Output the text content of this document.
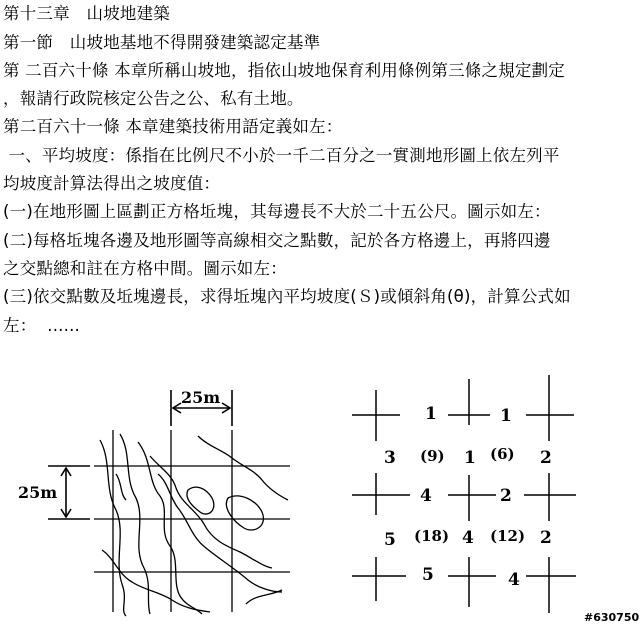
第十三章　山坡地建築
第一節　山坡地基地不得開發建築認定基準
第 二百六十條 本章所稱山坡地，指依山坡地保育利用條例第三條之規定劃定
，報請行政院核定公告之公、私有土地。
第二百六十一條 本章建築技術用語定義如左：
一、平均坡度：係指在比例尺不小於一千二百分之一實測地形圖上依左列平
均坡度計算法得出之坡度值：
(一)在地形圖上區劃正方格坵塊，其每邊長不大於二十五公尺。圖示如左：
(二)每格坵塊各邊及地形圖等高線相交之點數，記於各方格邊上，再將四邊
之交點總和註在方格中間。圖示如左：
(三)依交點數及坵塊邊長，求得坵塊內平均坡度(Ｓ)或傾斜角(θ)，計算公式如
左：  ......
25m
25m
1	1
3 (9) 1 (6) 2
4	2
5 (18) 4 (12) 2
5	4
#630750
